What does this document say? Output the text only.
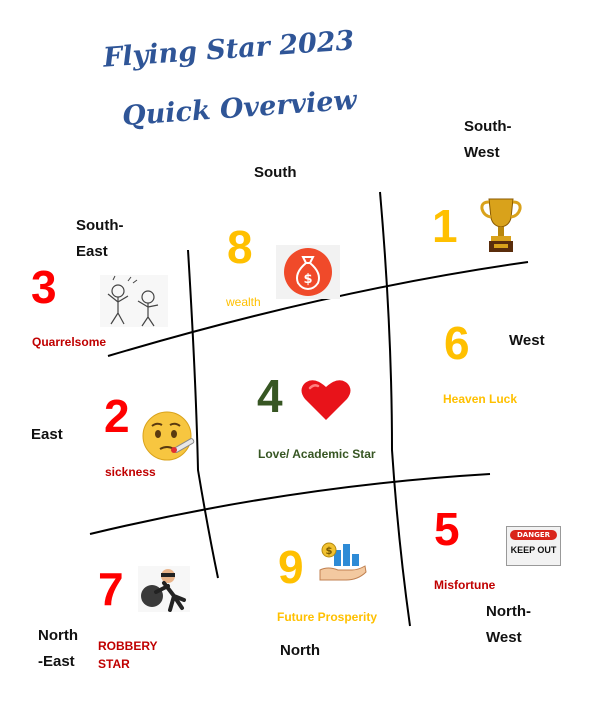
Flying Star 2023
Quick Overview
South
South-
West
South-
East
West
East
North-
West
North
North
-East
3
Quarrelsome
8
wealth
$
1
2
sickness
4
Love/ Academic Star
6
Heaven Luck
7
ROBBERY
STAR
9
Future Prosperity
$ 5
Misfortune
DANGER
KEEP OUT
